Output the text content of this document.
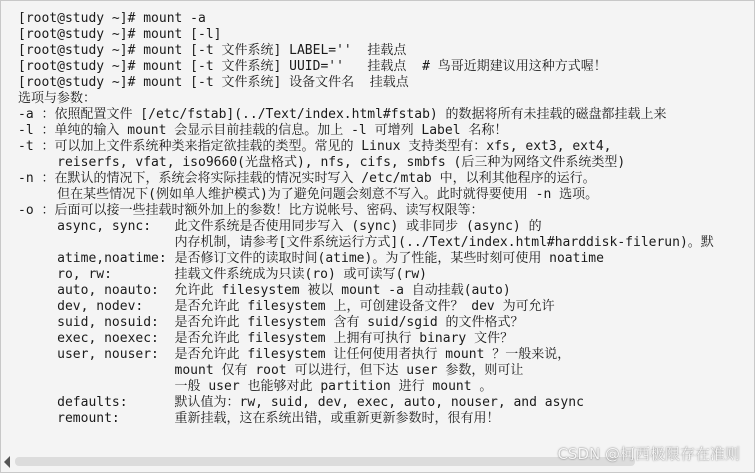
[root@study ~]# mount -a
[root@study ~]# mount [-l]
[root@study ~]# mount [-t 文件系统] LABEL=''  挂载点
[root@study ~]# mount [-t 文件系统] UUID=''   挂载点  # 鸟哥近期建议用这种方式喔！
[root@study ~]# mount [-t 文件系统] 设备文件名  挂载点
选项与参数：
-a ：依照配置文件 [/etc/fstab](../Text/index.html#fstab) 的数据将所有未挂载的磁盘都挂载上来
-l ：单纯的输入 mount 会显示目前挂载的信息。加上 -l 可增列 Label 名称！
-t ：可以加上文件系统种类来指定欲挂载的类型。常见的 Linux 支持类型有：xfs, ext3, ext4,
reiserfs, vfat, iso9660(光盘格式), nfs, cifs, smbfs (后三种为网络文件系统类型)
-n ：在默认的情况下，系统会将实际挂载的情况实时写入 /etc/mtab 中，以利其他程序的运行。
但在某些情况下(例如单人维护模式)为了避免问题会刻意不写入。此时就得要使用 -n 选项。
-o ：后面可以接一些挂载时额外加上的参数！比方说帐号、密码、读写权限等：
async, sync:   此文件系统是否使用同步写入 (sync) 或非同步 (async) 的
内存机制，请参考[文件系统运行方式](../Text/index.html#harddisk-filerun)。默
atime,noatime: 是否修订文件的读取时间(atime)。为了性能，某些时刻可使用 noatime
ro, rw:        挂载文件系统成为只读(ro) 或可读写(rw)
auto, noauto:  允许此 filesystem 被以 mount -a 自动挂载(auto)
dev, nodev:    是否允许此 filesystem 上，可创建设备文件？ dev 为可允许
suid, nosuid:  是否允许此 filesystem 含有 suid/sgid 的文件格式？
exec, noexec:  是否允许此 filesystem 上拥有可执行 binary 文件？
user, nouser:  是否允许此 filesystem 让任何使用者执行 mount ？一般来说，
mount 仅有 root 可以进行，但下达 user 参数，则可让
一般 user 也能够对此 partition 进行 mount 。
defaults:      默认值为：rw, suid, dev, exec, auto, nouser, and async
remount:       重新挂载，这在系统出错，或重新更新参数时，很有用！
CSDN @柯西极限存在准则
